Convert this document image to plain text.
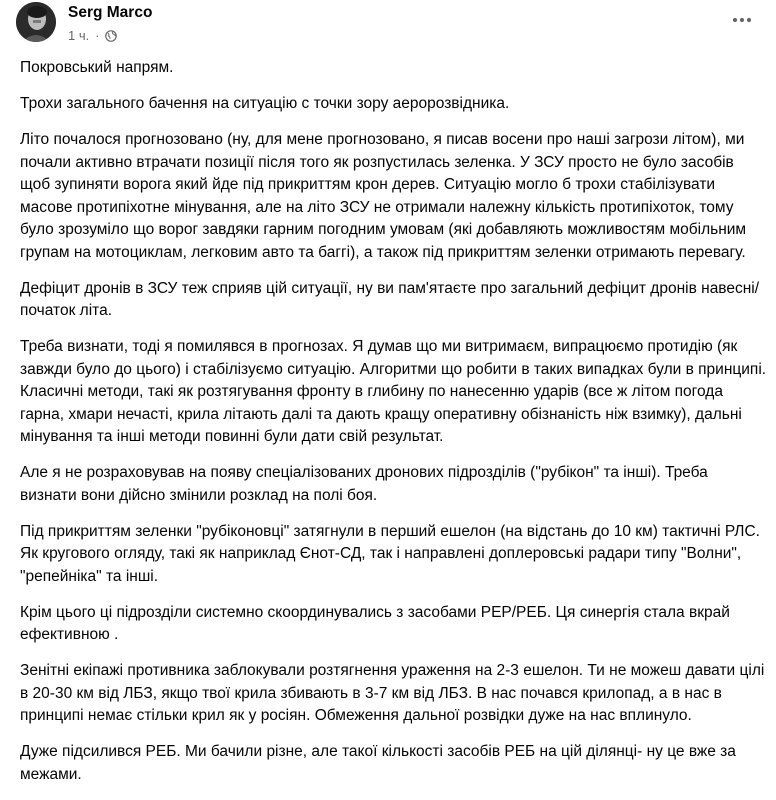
Serg Marco
1 ч. ·

Покровський напрям.

Трохи загального бачення на ситуацію с точки зору аеророзвідника.

Літо почалося прогнозовано (ну, для мене прогнозовано, я писав восени про наші загрози літом), ми почали активно втрачати позиції після того як розпустилась зеленка. У ЗСУ просто не було засобів щоб зупиняти ворога який йде під прикриттям крон дерев. Ситуацію могло б трохи стабілізувати масове протипіхотне мінування, але на літо ЗСУ не отримали належну кількість протипіхоток, тому було зрозуміло що ворог завдяки гарним погодним умовам (які добавляють можливостям мобільним групам на мотоциклам, легковим авто та баггі), а також під прикриттям зеленки отримають перевагу.

Дефіцит дронів в ЗСУ теж сприяв цій ситуації, ну ви пам'ятаєте про загальний дефіцит дронів навесні/початок літа.

Треба визнати, тоді я помилявся в прогнозах. Я думав що ми витримаєм, випрацюємо протидію (як завжди було до цього) і стабілізуємо ситуацію. Алгоритми що робити в таких випадках були в принципі. Класичні методи, такі як розтягування фронту в глибину по нанесенню ударів (все ж літом погода гарна, хмари нечасті, крила літають далі та дають кращу оперативну обізнаність ніж взимку), дальні мінування та інші методи повинні були дати свій результат.

Але я не розраховував на появу спеціалізованих дронових підрозділів ("рубікон" та інші). Треба визнати вони дійсно змінили розклад на полі боя.

Під прикриттям зеленки "рубіконовці" затягнули в перший ешелон (на відстань до 10 км) тактичні РЛС. Як кругового огляду, такі як наприклад Єнот-СД, так і направлені доплеровські радари типу "Волни", "репейніка" та інші.

Крім цього ці підрозділи системно скоординувались з засобами РЕР/РЕБ. Ця синергія стала вкрай ефективною .

Зенітні екіпажі противника заблокували розтягнення ураження на 2-3 ешелон. Ти не можеш давати цілі в 20-30 км від ЛБЗ, якщо твої крила збивають в 3-7 км від ЛБЗ. В нас почався крилопад, а в нас в принципі немає стільки крил як у росіян. Обмеження дальної розвідки дуже на нас вплинуло.

Дуже підсилився РЕБ. Ми бачили різне, але такої кількості засобів РЕБ на цій ділянці- ну це вже за межами.
